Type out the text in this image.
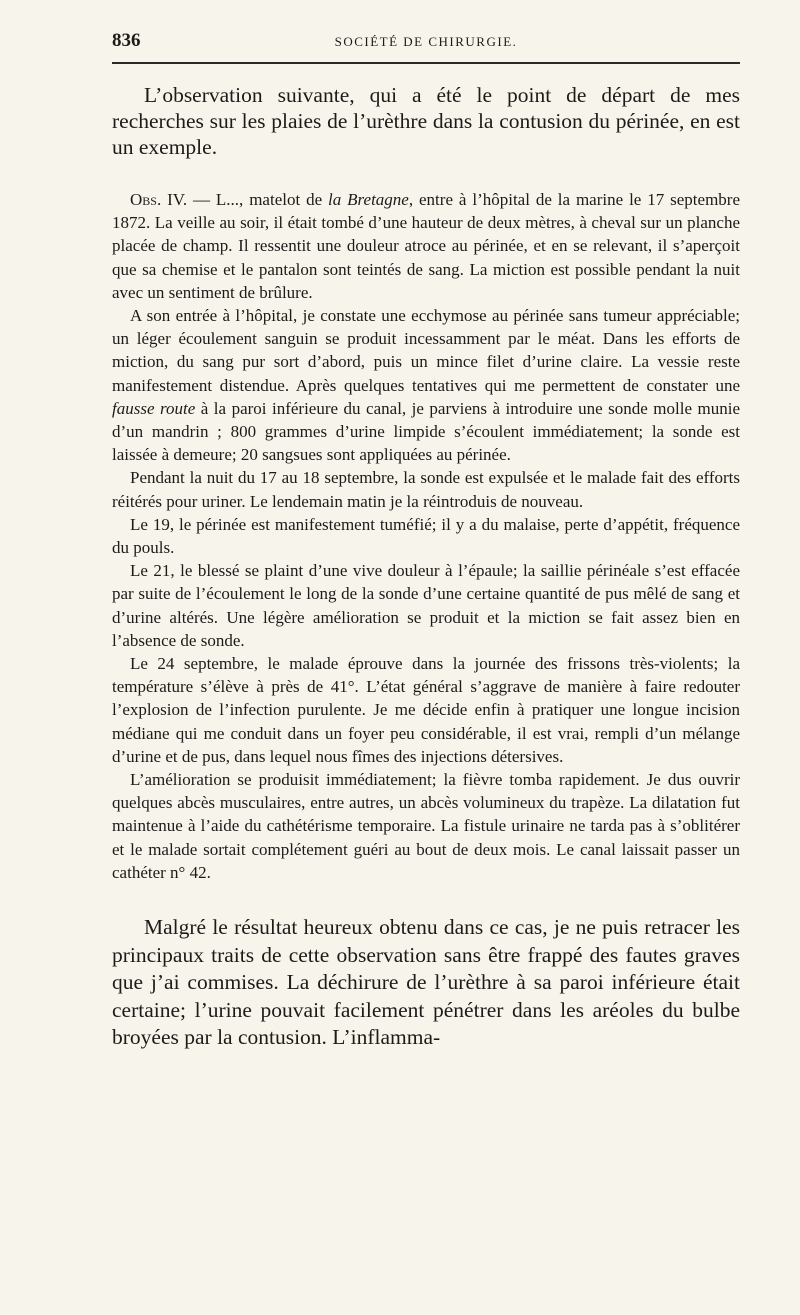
836	SOCIÉTÉ DE CHIRURGIE.

L’observation suivante, qui a été le point de départ de mes recherches sur les plaies de l’urèthre dans la contusion du périnée, en est un exemple.

Obs. IV. — L..., matelot de la Bretagne, entre à l’hôpital de la marine le 17 septembre 1872. La veille au soir, il était tombé d’une hauteur de deux mètres, à cheval sur un planche placée de champ. Il ressentit une douleur atroce au périnée, et en se relevant, il s’aperçoit que sa chemise et le pantalon sont teintés de sang. La miction est possible pendant la nuit avec un sentiment de brûlure.

A son entrée à l’hôpital, je constate une ecchymose au périnée sans tumeur appréciable; un léger écoulement sanguin se produit incessamment par le méat. Dans les efforts de miction, du sang pur sort d’abord, puis un mince filet d’urine claire. La vessie reste manifestement distendue. Après quelques tentatives qui me permettent de constater une fausse route à la paroi inférieure du canal, je parviens à introduire une sonde molle munie d’un mandrin ; 800 grammes d’urine limpide s’écoulent immédiatement; la sonde est laissée à demeure; 20 sangsues sont appliquées au périnée.

Pendant la nuit du 17 au 18 septembre, la sonde est expulsée et le malade fait des efforts réitérés pour uriner. Le lendemain matin je la réintroduis de nouveau.

Le 19, le périnée est manifestement tuméfié; il y a du malaise, perte d’appétit, fréquence du pouls.

Le 21, le blessé se plaint d’une vive douleur à l’épaule; la saillie périnéale s’est effacée par suite de l’écoulement le long de la sonde d’une certaine quantité de pus mêlé de sang et d’urine altérés. Une légère amélioration se produit et la miction se fait assez bien en l’absence de sonde.

Le 24 septembre, le malade éprouve dans la journée des frissons très-violents; la température s’élève à près de 41°. L’état général s’aggrave de manière à faire redouter l’explosion de l’infection purulente. Je me décide enfin à pratiquer une longue incision médiane qui me conduit dans un foyer peu considérable, il est vrai, rempli d’un mélange d’urine et de pus, dans lequel nous fîmes des injections détersives.

L’amélioration se produisit immédiatement; la fièvre tomba rapidement. Je dus ouvrir quelques abcès musculaires, entre autres, un abcès volumineux du trapèze. La dilatation fut maintenue à l’aide du cathétérisme temporaire. La fistule urinaire ne tarda pas à s’oblitérer et le malade sortait complétement guéri au bout de deux mois. Le canal laissait passer un cathéter n° 42.

Malgré le résultat heureux obtenu dans ce cas, je ne puis retracer les principaux traits de cette observation sans être frappé des fautes graves que j’ai commises. La déchirure de l’urèthre à sa paroi inférieure était certaine; l’urine pouvait facilement pénétrer dans les aréoles du bulbe broyées par la contusion. L’inflamma-
